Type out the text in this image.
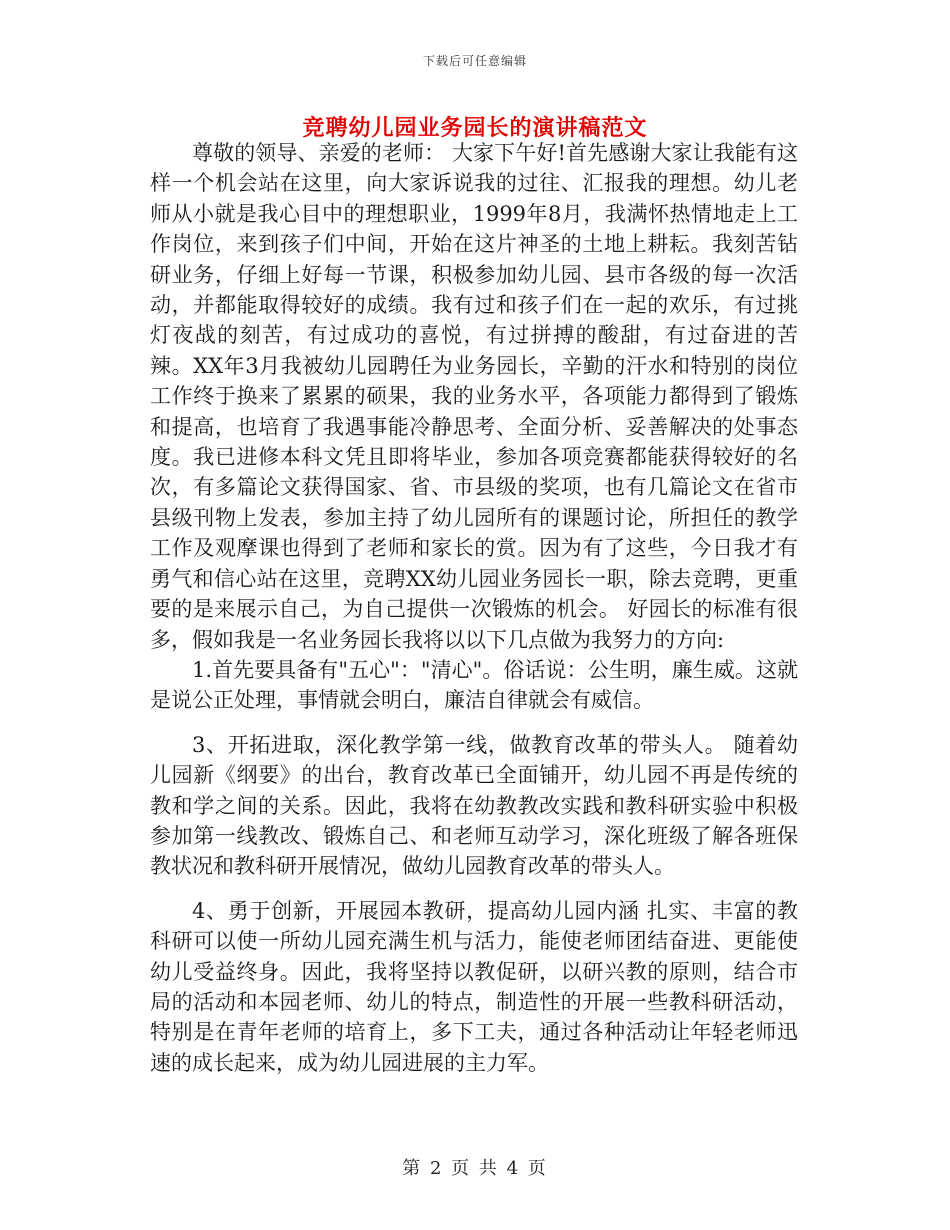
下载后可任意编辑
竞聘幼儿园业务园长的演讲稿范文

尊敬的领导、亲爱的老师： 大家下午好!首先感谢大家让我能有这样一个机会站在这里，向大家诉说我的过往、汇报我的理想。幼儿老师从小就是我心目中的理想职业，1999年8月，我满怀热情地走上工作岗位，来到孩子们中间，开始在这片神圣的土地上耕耘。我刻苦钻研业务，仔细上好每一节课，积极参加幼儿园、县市各级的每一次活动，并都能取得较好的成绩。我有过和孩子们在一起的欢乐，有过挑灯夜战的刻苦，有过成功的喜悦，有过拼搏的酸甜，有过奋进的苦辣。XX年3月我被幼儿园聘任为业务园长，辛勤的汗水和特别的岗位工作终于换来了累累的硕果，我的业务水平，各项能力都得到了锻炼和提高，也培育了我遇事能冷静思考、全面分析、妥善解决的处事态度。我已进修本科文凭且即将毕业，参加各项竞赛都能获得较好的名次，有多篇论文获得国家、省、市县级的奖项，也有几篇论文在省市县级刊物上发表，参加主持了幼儿园所有的课题讨论，所担任的教学工作及观摩课也得到了老师和家长的赏。因为有了这些，今日我才有勇气和信心站在这里，竞聘XX幼儿园业务园长一职，除去竞聘，更重要的是来展示自己，为自己提供一次锻炼的机会。 好园长的标准有很多，假如我是一名业务园长我将以以下几点做为我努力的方向:

1.首先要具备有"五心"："清心"。俗话说：公生明，廉生威。这就是说公正处理，事情就会明白，廉洁自律就会有威信。

3、开拓进取，深化教学第一线，做教育改革的带头人。 随着幼儿园新《纲要》的出台，教育改革已全面铺开，幼儿园不再是传统的教和学之间的关系。因此，我将在幼教教改实践和教科研实验中积极参加第一线教改、锻炼自己、和老师互动学习，深化班级了解各班保教状况和教科研开展情况，做幼儿园教育改革的带头人。

4、勇于创新，开展园本教研，提高幼儿园内涵 扎实、丰富的教科研可以使一所幼儿园充满生机与活力，能使老师团结奋进、更能使幼儿受益终身。因此，我将坚持以教促研，以研兴教的原则，结合市局的活动和本园老师、幼儿的特点，制造性的开展一些教科研活动，特别是在青年老师的培育上，多下工夫，通过各种活动让年轻老师迅速的成长起来，成为幼儿园进展的主力军。

第 2 页 共 4 页
